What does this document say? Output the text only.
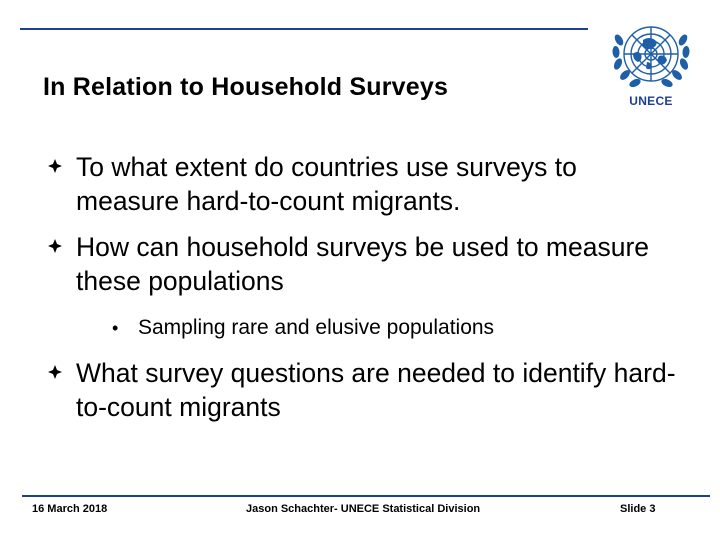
In Relation to Household Surveys	UNECE
To what extent do countries use surveys to measure hard-to-count migrants.
How can household surveys be used to measure these populations
• Sampling rare and elusive populations
What survey questions are needed to identify hard-to-count migrants
16 March 2018	Jason Schachter- UNECE Statistical Division	Slide 3
